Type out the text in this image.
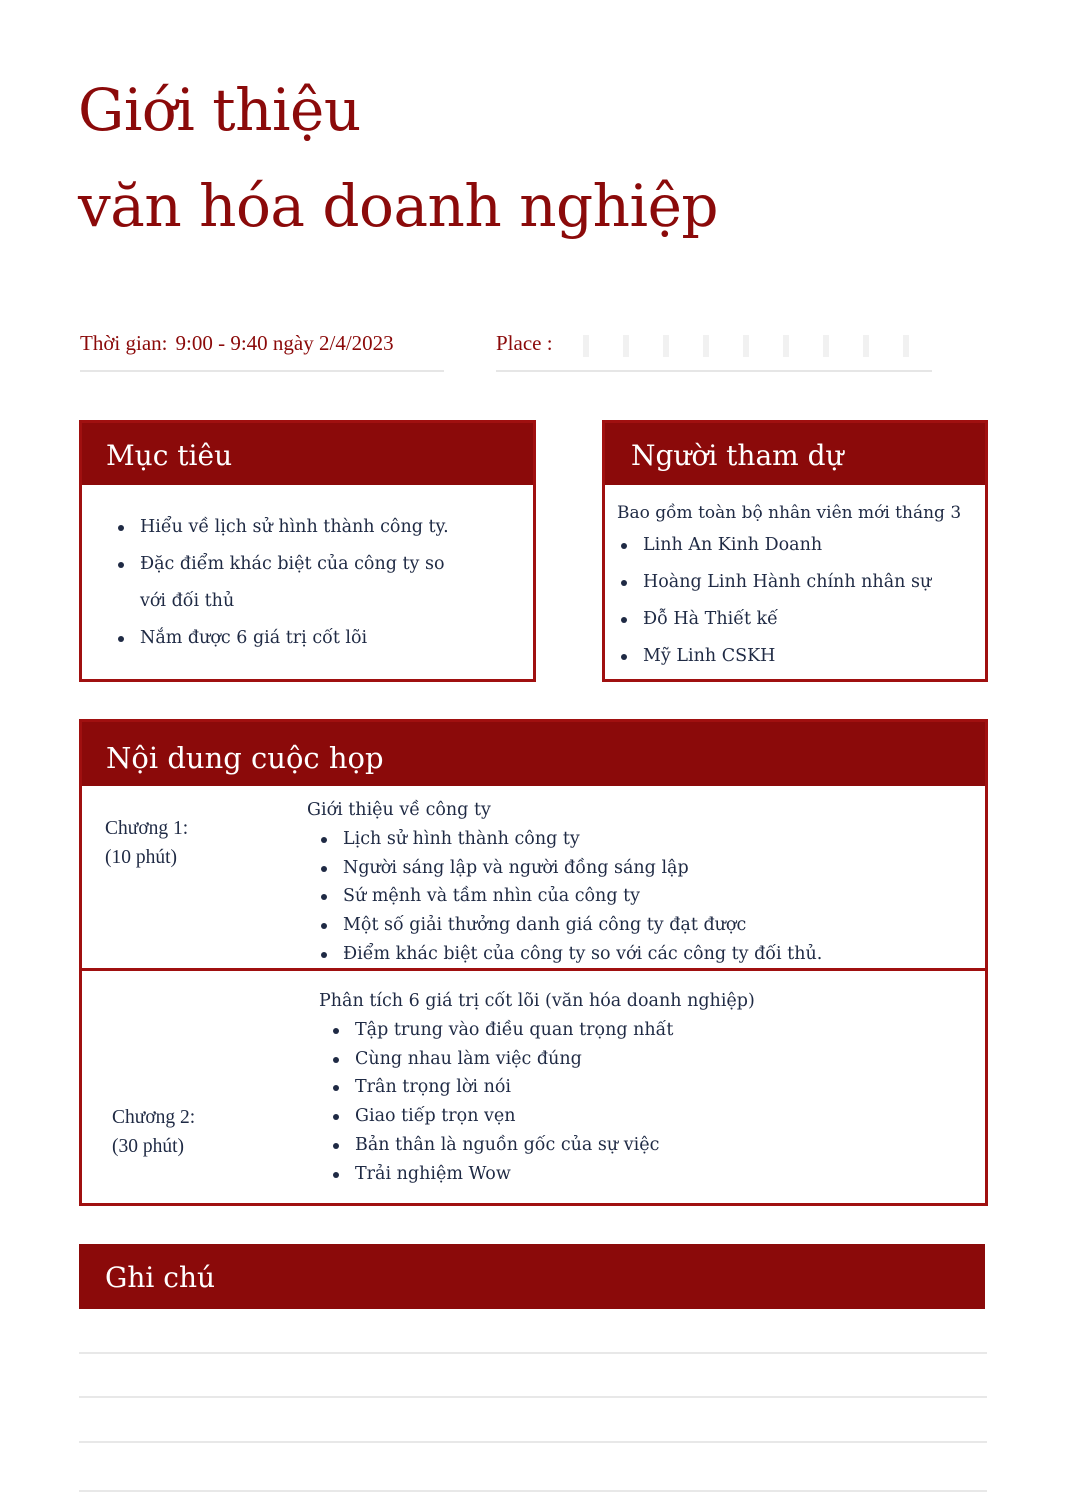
Giới thiệu
văn hóa doanh nghiệp
Thời gian: 9:00 - 9:40 ngày 2/4/2023	Place :
Mục tiêu
Hiểu về lịch sử hình thành công ty.
Đặc điểm khác biệt của công ty so với đối thủ
Nắm được 6 giá trị cốt lõi
Người tham dự
Bao gồm toàn bộ nhân viên mới tháng 3
Linh An Kinh Doanh
Hoàng Linh Hành chính nhân sự
Đỗ Hà Thiết kế
Mỹ Linh CSKH
Nội dung cuộc họp
Chương 1:
(10 phút)
Giới thiệu về công ty
Lịch sử hình thành công ty
Người sáng lập và người đồng sáng lập
Sứ mệnh và tầm nhìn của công ty
Một số giải thưởng danh giá công ty đạt được
Điểm khác biệt của công ty so với các công ty đối thủ.
Chương 2:
(30 phút)
Phân tích 6 giá trị cốt lõi (văn hóa doanh nghiệp)
Tập trung vào điều quan trọng nhất
Cùng nhau làm việc đúng
Trân trọng lời nói
Giao tiếp trọn vẹn
Bản thân là nguồn gốc của sự việc
Trải nghiệm Wow
Ghi chú
